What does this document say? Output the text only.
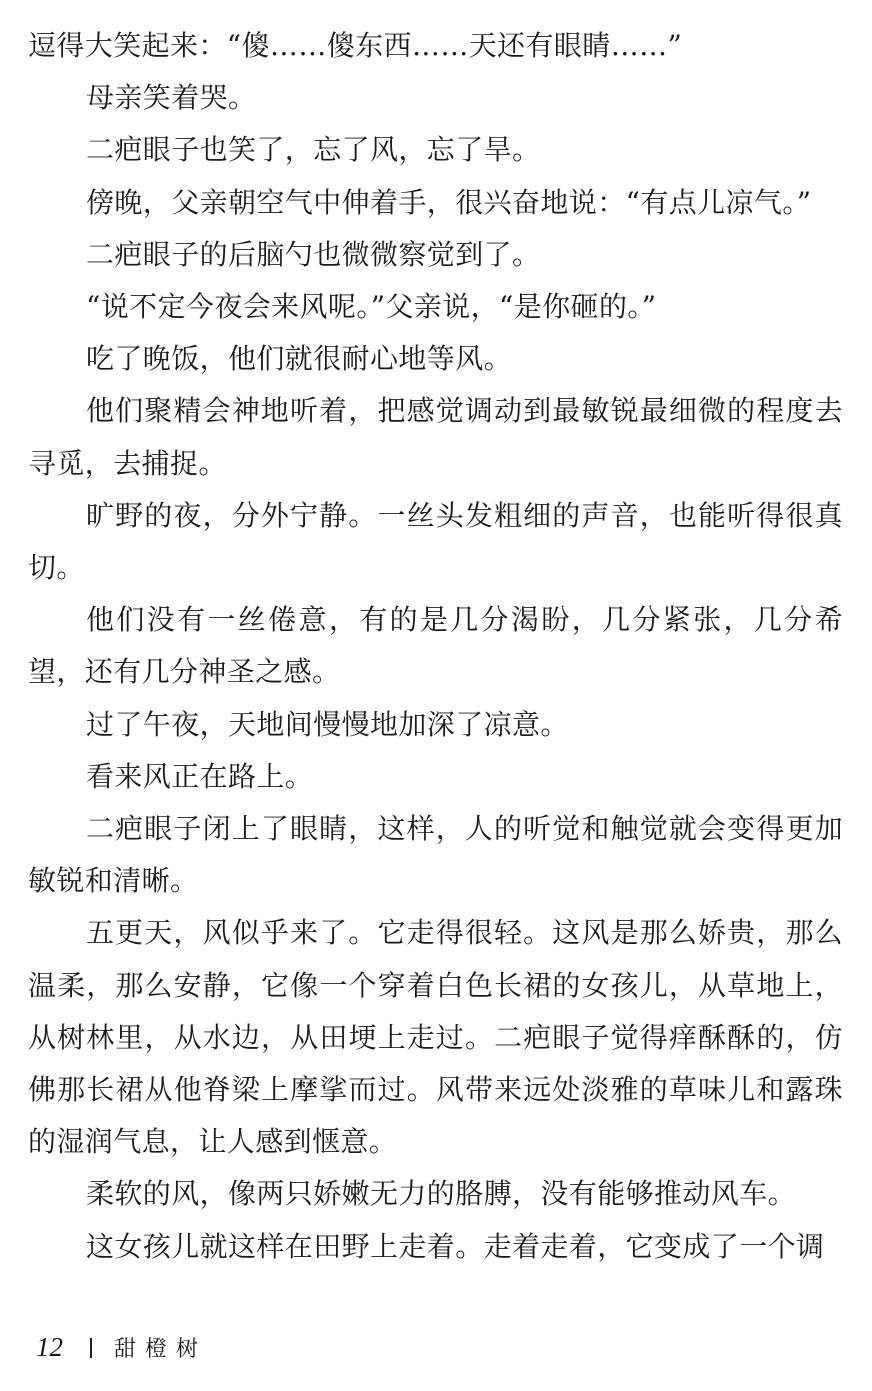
逗得大笑起来：“傻……傻东西……天还有眼睛……”

母亲笑着哭。

二疤眼子也笑了，忘了风，忘了旱。

傍晚，父亲朝空气中伸着手，很兴奋地说：“有点儿凉气。”

二疤眼子的后脑勺也微微察觉到了。

“说不定今夜会来风呢。”父亲说，“是你砸的。”

吃了晚饭，他们就很耐心地等风。

他们聚精会神地听着，把感觉调动到最敏锐最细微的程度去寻觅，去捕捉。

旷野的夜，分外宁静。一丝头发粗细的声音，也能听得很真切。

他们没有一丝倦意，有的是几分渴盼，几分紧张，几分希望，还有几分神圣之感。

过了午夜，天地间慢慢地加深了凉意。

看来风正在路上。

二疤眼子闭上了眼睛，这样，人的听觉和触觉就会变得更加敏锐和清晰。

五更天，风似乎来了。它走得很轻。这风是那么娇贵，那么温柔，那么安静，它像一个穿着白色长裙的女孩儿，从草地上，从树林里，从水边，从田埂上走过。二疤眼子觉得痒酥酥的，仿佛那长裙从他脊梁上摩挲而过。风带来远处淡雅的草味儿和露珠的湿润气息，让人感到惬意。

柔软的风，像两只娇嫩无力的胳膊，没有能够推动风车。

这女孩儿就这样在田野上走着。走着走着，它变成了一个调

12	甜橙树
